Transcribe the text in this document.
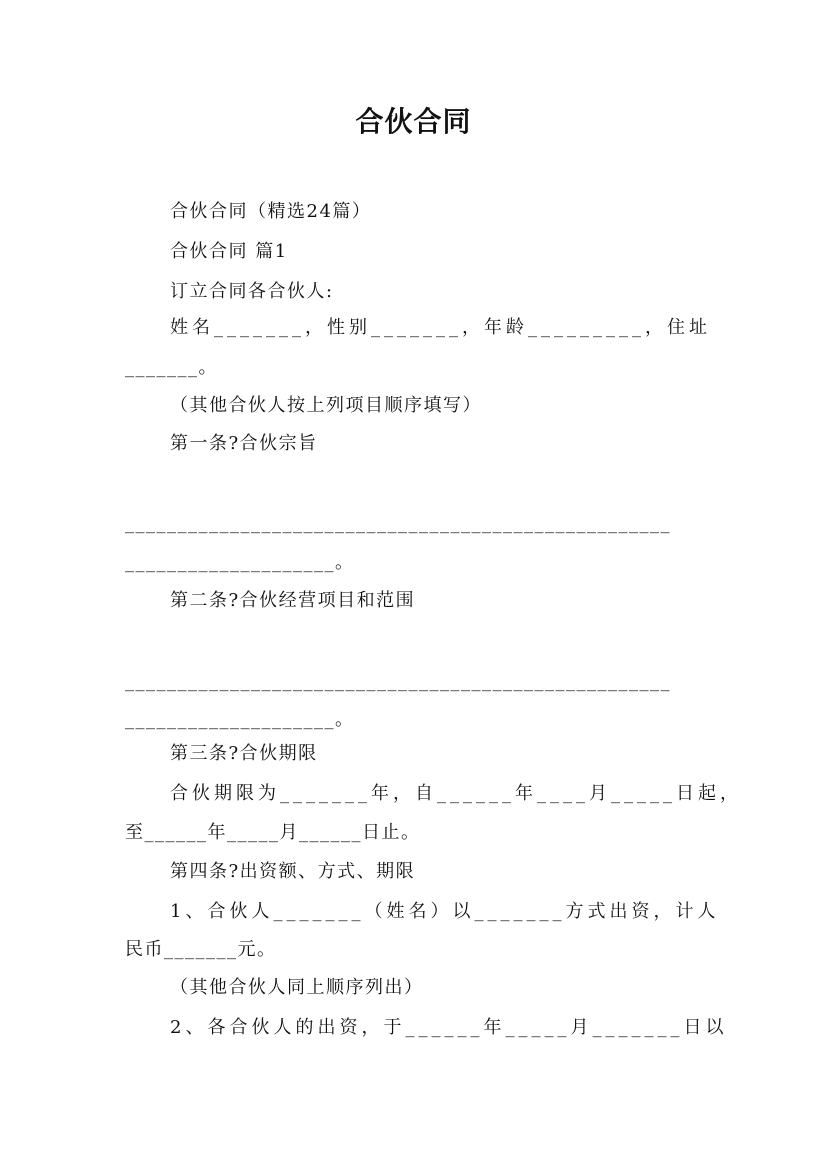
合伙合同
合伙合同（精选24篇）
合伙合同 篇1
订立合同各合伙人:
姓名_______，性别_______，年龄_________，住址
_______。
（其他合伙人按上列项目顺序填写）
第一条?合伙宗旨
____________________________________________________
____________________。
第二条?合伙经营项目和范围
____________________________________________________
____________________。
第三条?合伙期限
合伙期限为_______年，自______年____月_____日起，
至______年_____月______日止。
第四条?出资额、方式、期限
1、合伙人_______（姓名）以_______方式出资，计人
民币_______元。
（其他合伙人同上顺序列出）
2、各合伙人的出资，于______年_____月_______日以
